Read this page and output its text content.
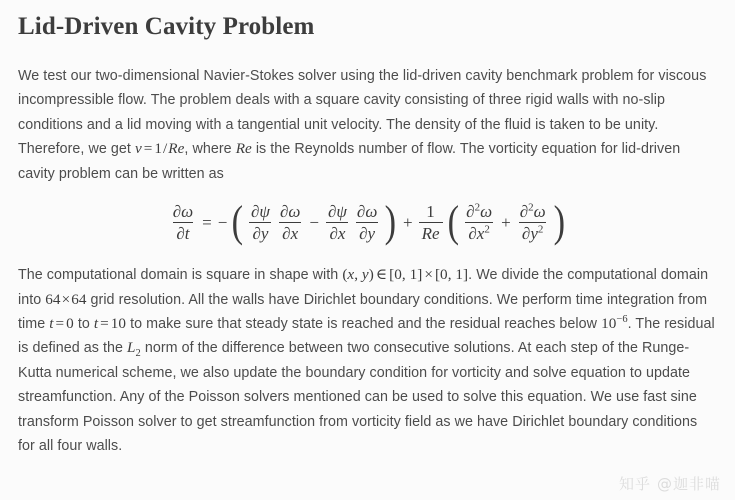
Lid-Driven Cavity Problem

We test our two-dimensional Navier-Stokes solver using the lid-driven cavity benchmark problem for viscous incompressible flow. The problem deals with a square cavity consisting of three rigid walls with no-slip conditions and a lid moving with a tangential unit velocity. The density of the fluid is taken to be unity. Therefore, we get ν = 1/Re, where Re is the Reynolds number of flow. The vorticity equation for lid-driven cavity problem can be written as

$\frac{\partial\omega}{\partial t}$ = − ( $\frac{\partial\psi}{\partial y} \frac{\partial\omega}{\partial x} - \frac{\partial\psi}{\partial x} \frac{\partial\omega}{\partial y}$ ) + $\frac{1}{Re}$ ( $\frac{\partial^2\omega}{\partial x^2} + \frac{\partial^2\omega}{\partial y^2}$ )

The computational domain is square in shape with (x, y) ∈ [0, 1] × [0, 1]. We divide the computational domain into 64×64 grid resolution. All the walls have Dirichlet boundary conditions. We perform time integration from time t = 0 to t = 10 to make sure that steady state is reached and the residual reaches below $10^{-6}$. The residual is defined as the $L_2$ norm of the difference between two consecutive solutions. At each step of the Runge-Kutta numerical scheme, we also update the boundary condition for vorticity and solve equation to update streamfunction. Any of the Poisson solvers mentioned can be used to solve this equation. We use fast sine transform Poisson solver to get streamfunction from vorticity field as we have Dirichlet boundary conditions for all four walls.

知乎 @迦非喵
